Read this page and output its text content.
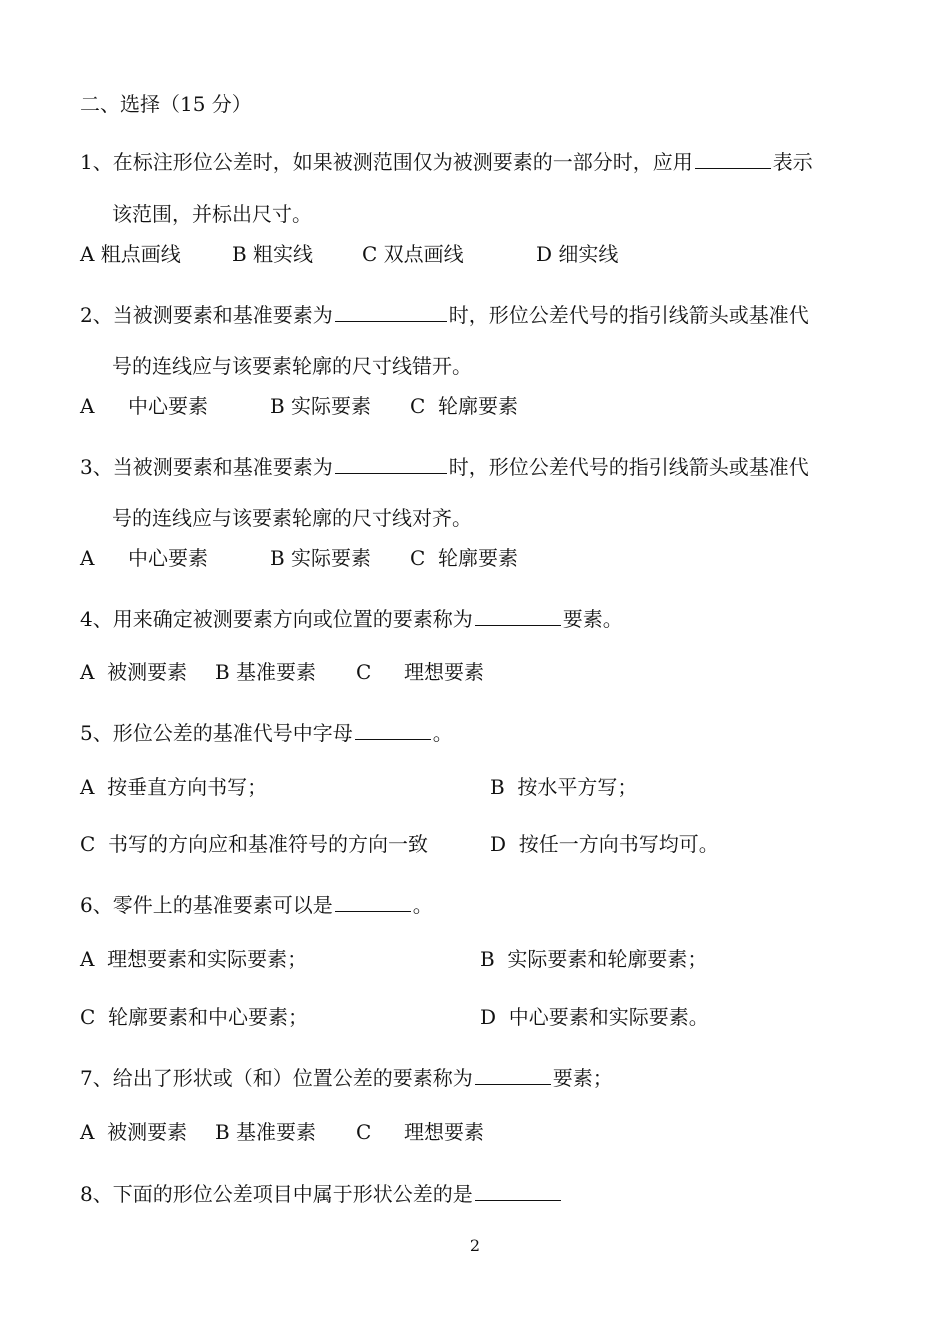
二、选择（15 分）
1、在标注形位公差时，如果被测范围仅为被测要素的一部分时，应用	表示
该范围，并标出尺寸。
A 粗点画线	B 粗实线 C 双点画线	D 细实线
2、当被测要素和基准要素为	时，形位公差代号的指引线箭头或基准代
号的连线应与该要素轮廓的尺寸线错开。
A 中心要素	B 实际要素 C  轮廓要素
3、当被测要素和基准要素为	时，形位公差代号的指引线箭头或基准代
号的连线应与该要素轮廓的尺寸线对齐。
A 中心要素	B 实际要素 C  轮廓要素
4、用来确定被测要素方向或位置的要素称为	要素。
A  被测要素 B 基准要素 C 理想要素
5、形位公差的基准代号中字母	。
A  按垂直方向书写；	B  按水平方写；
C  书写的方向应和基准符号的方向一致	D  按任一方向书写均可。
6、零件上的基准要素可以是	。
A  理想要素和实际要素；	B  实际要素和轮廓要素；
C  轮廓要素和中心要素；	D  中心要素和实际要素。
7、给出了形状或（和）位置公差的要素称为	要素；
A  被测要素 B 基准要素 C 理想要素
8、下面的形位公差项目中属于形状公差的是
2
